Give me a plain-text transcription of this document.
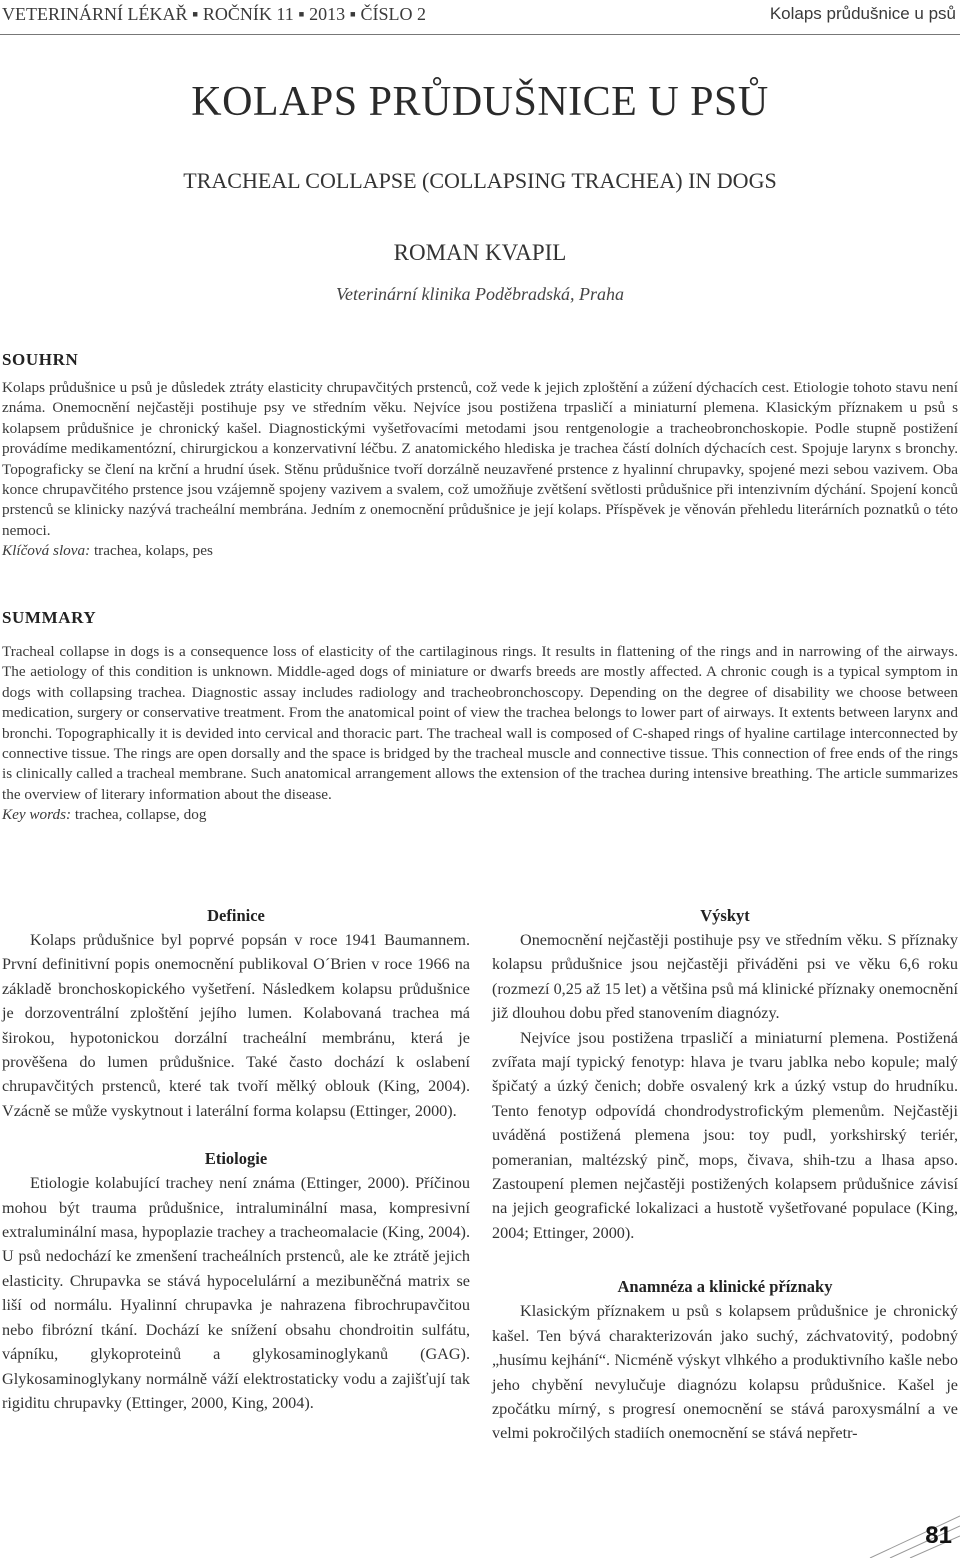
VETERINÁRNÍ LÉKAŘ ▪ ROČNÍK 11 ▪ 2013 ▪ ČÍSLO 2	Kolaps průdušnice u psů
KOLAPS PRŮDUŠNICE U PSŮ
TRACHEAL COLLAPSE (COLLAPSING TRACHEA) IN DOGS
ROMAN KVAPIL
Veterinární klinika Poděbradská, Praha
SOUHRN

Kolaps průdušnice u psů je důsledek ztráty elasticity chrupavčitých prstenců, což vede k jejich zploštění a zúžení dýchacích cest. Etiologie tohoto stavu není známa. Onemocnění nejčastěji postihuje psy ve středním věku. Nejvíce jsou postižena trpasličí a miniaturní plemena. Klasickým příznakem u psů s kolapsem průdušnice je chronický kašel. Diagnostickými vyšetřovacími metodami jsou rentgenologie a tracheobronchoskopie. Podle stupně postižení provádíme medikamentózní, chirurgickou a konzervativní léčbu. Z anatomického hlediska je trachea částí dolních dýchacích cest. Spojuje larynx s bronchy. Topograficky se člení na krční a hrudní úsek. Stěnu průdušnice tvoří dorzálně neuzavřené prstence z hyalinní chrupavky, spojené mezi sebou vazivem. Oba konce chrupavčitého prstence jsou vzájemně spojeny vazivem a svalem, což umožňuje zvětšení světlosti průdušnice při intenzivním dýchání. Spojení konců prstenců se klinicky nazývá tracheální membrána. Jedním z onemocnění průdušnice je její kolaps. Příspěvek je věnován přehledu literárních poznatků o této nemoci.

Klíčová slova: trachea, kolaps, pes

SUMMARY

Tracheal collapse in dogs is a consequence loss of elasticity of the cartilaginous rings. It results in flattening of the rings and in narrowing of the airways. The aetiology of this condition is unknown. Middle-aged dogs of miniature or dwarfs breeds are mostly affected. A chronic cough is a typical symptom in dogs with collapsing trachea. Diagnostic assay includes radiology and tracheobronchoscopy. Depending on the degree of disability we choose between medication, surgery or conservative treatment. From the anatomical point of view the trachea belongs to lower part of airways. It extents between larynx and bronchi. Topographically it is devided into cervical and thoracic part. The tracheal wall is composed of C-shaped rings of hyaline cartilage interconnected by connective tissue. The rings are open dorsally and the space is bridged by the tracheal muscle and connective tissue. This connection of free ends of the rings is clinically called a tracheal membrane. Such anatomical arrangement allows the extension of the trachea during intensive breathing. The article summarizes the overview of literary information about the disease.

Key words: trachea, collapse, dog

Definice

Kolaps průdušnice byl poprvé popsán v roce 1941 Baumannem. První definitivní popis onemocnění publikoval O´Brien v roce 1966 na základě bronchoskopického vyšetření. Následkem kolapsu průdušnice je dorzoventrální zploštění jejího lumen. Kolabovaná trachea má širokou, hypotonickou dorzální tracheální membránu, která je prověšena do lumen průdušnice. Také často dochází k oslabení chrupavčitých prstenců, které tak tvoří mělký oblouk (King, 2004). Vzácně se může vyskytnout i laterální forma kolapsu (Ettinger, 2000).

Etiologie

Etiologie kolabující trachey není známa (Ettinger, 2000). Příčinou mohou být trauma průdušnice, intraluminální masa, kompresivní extraluminální masa, hypoplazie trachey a tracheomalacie (King, 2004). U psů nedochází ke zmenšení tracheálních prstenců, ale ke ztrátě jejich elasticity. Chrupavka se stává hypocelulární a mezibuněčná matrix se liší od normálu. Hyalinní chrupavka je nahrazena fibrochrupavčitou nebo fibrózní tkání. Dochází ke snížení obsahu chondroitin sulfátu, vápníku, glykoproteinů a glykosaminoglykanů (GAG). Glykosaminoglykany normálně váží elektrostaticky vodu a zajišťují tak rigiditu chrupavky (Ettinger, 2000, King, 2004).

Výskyt

Onemocnění nejčastěji postihuje psy ve středním věku. S příznaky kolapsu průdušnice jsou nejčastěji přiváděni psi ve věku 6,6 roku (rozmezí 0,25 až 15 let) a většina psů má klinické příznaky onemocnění již dlouhou dobu před stanovením diagnózy.

Nejvíce jsou postižena trpasličí a miniaturní plemena. Postižená zvířata mají typický fenotyp: hlava je tvaru jablka nebo kopule; malý špičatý a úzký čenich; dobře osvalený krk a úzký vstup do hrudníku. Tento fenotyp odpovídá chondrodystrofickým plemenům. Nejčastěji uváděná postižená plemena jsou: toy pudl, yorkshirský teriér, pomeranian, maltézský pinč, mops, čivava, shih-tzu a lhasa apso. Zastoupení plemen nejčastěji postižených kolapsem průdušnice závisí na jejich geografické lokalizaci a hustotě vyšetřované populace (King, 2004; Ettinger, 2000).

Anamnéza a klinické příznaky

Klasickým příznakem u psů s kolapsem průdušnice je chronický kašel. Ten bývá charakterizován jako suchý, záchvatovitý, podobný „husímu kejhání“. Nicméně výskyt vlhkého a produktivního kašle nebo jeho chybění nevylučuje diagnózu kolapsu průdušnice. Kašel je zpočátku mírný, s progresí onemocnění se stává paroxysmální a ve velmi pokročilých stadiích onemocnění se stává nepřetr-

81
